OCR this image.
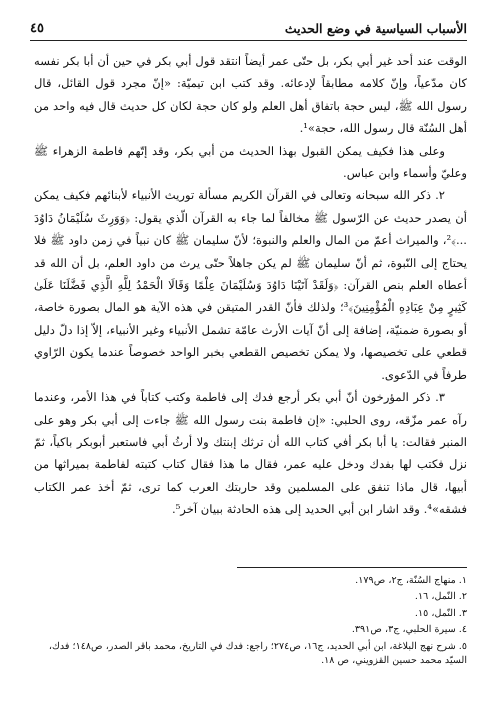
الأسباب السياسية في وضع الحديث
٤٥

الوقت عند أحد غير أبي بكر، بل حتّى عمر أيضاً انتقد قول أبي بكر في حين أن أبا بكر نفسه كان مدّعياً، وإنّ كلامه مطابقاً لإدعائه. وقد كتب ابن تيميّة: «إنّ مجرد قول القائل، قال رسول الله ﷺ، ليس حجة باتفاق أهل العلم ولو كان حجة لكان كل حديث قال فيه واحد من أهل السُنّة قال رسول الله، حجة»¹.

وعلى هذا فكيف يمكن القبول بهذا الحديث من أبي بكر، وقد إتّهم فاطمة الزهراء ﷺ وعليّ وأسماء وابن عباس.

٢. ذكر الله سبحانه وتعالى في القرآن الكريم مسألة توريث الأنبياء لأبنائهم فكيف يمكن أن يصدر حديث عن الرّسول ﷺ مخالفاً لما جاء به القرآن الّذي يقول: ﴿وَوَرِثَ سُلَيْمَانُ دَاوُدَ ...﴾²، والميراث أعمّ من المال والعلم والنبوة؛ لأنّ سليمان ﷺ كان نبياً في زمن داود ﷺ فلا يحتاج إلى النّبوة، ثم أنّ سليمان ﷺ لم يكن جاهلاً حتّى يرث من داود العلم، بل أن الله قد أعطاه العلم بنص القرآن: ﴿وَلَقَدْ آتَيْنَا دَاوُدَ وَسُلَيْمَانَ عِلْمًا وَقَالَا الْحَمْدُ لِلَّهِ الَّذِي فَضَّلَنَا عَلَىٰ كَثِيرٍ مِنْ عِبَادِهِ الْمُؤْمِنِينَ﴾³؛ ولذلك فأنّ القدر المتيقن في هذه الآية هو المال بصورة خاصة، أو بصورة ضمنيّة، إضافة إلى أنّ آيات الأرث عامّة تشمل الأنبياء وغير الأنبياء، إلاّ إذا دلّ دليل قطعي على تخصيصها، ولا يمكن تخصيص القطعي بخبر الواحد خصوصاً عندما يكون الرّاوي طرفاً في الدّعوى.

٣. ذكر المؤرخون أنّ أبي بكر أرجع فدك إلى فاطمة وكتب كتاباً في هذا الأمر، وعندما رآه عمر مزّقه، روى الحلبي: «إن فاطمة بنت رسول الله ﷺ جاءت إلى أبي بكر وهو على المنبر فقالت: يا أبا بكر أفي كتاب الله أن ترثك إبنتك ولا أرثُ أبي فاستعبر أبوبكر باكياً، ثمّ نزل فكتب لها بفدك ودخل عليه عمر، فقال ما هذا فقال كتاب كتبته لفاطمة بميراثها من أبيها، قال ماذا تنفق على المسلمين وقد حاربتك العرب كما ترى، ثمّ أخذ عمر الكتاب فشقه»⁴. وقد اشار ابن أبي الحديد إلى هذه الحادثة ببيان آخر⁵.

١. منهاج السُنّة، ج٢، ص١٧٩.

٢. النّمل، ١٦.

٣. النّمل، ١٥.

٤. سيرة الحلبي، ج٣، ص٣٩١.

٥. شرح نهج البلاغة، ابن أبي الحديد، ج١٦، ص٢٧٤؛ راجع: فدك في التاريخ، محمد باقر الصدر، ص١٤٨؛ فدك، السيّد محمد حسين القزويني، ص ١٨.
